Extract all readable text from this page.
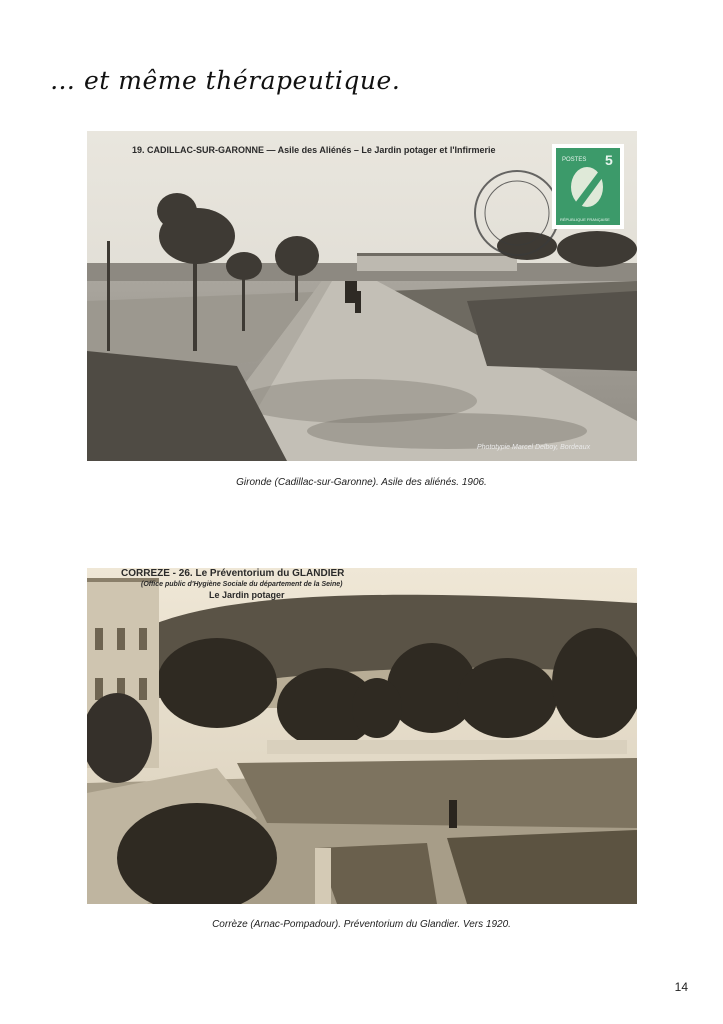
… et même thérapeutique.
19. CADILLAC-SUR-GARONNE — Asile des Aliénés – Le Jardin potager et l'Infirmerie
POSTES 5
RÉPUBLIQUE FRANÇAISE
Phototypie Marcel Delboy, Bordeaux
Gironde (Cadillac-sur-Garonne). Asile des aliénés. 1906.
CORREZE - 26. Le Préventorium du GLANDIER
(Office public d'Hygiène Sociale du département de la Seine)
Le Jardin potager
Corrèze (Arnac-Pompadour). Préventorium du Glandier. Vers 1920.
14
